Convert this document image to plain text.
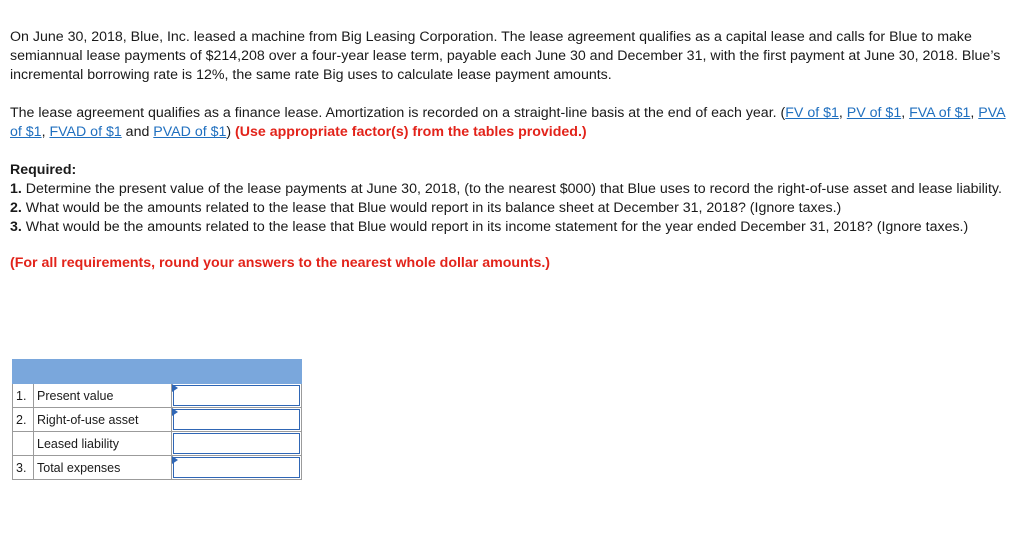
On June 30, 2018, Blue, Inc. leased a machine from Big Leasing Corporation. The lease agreement qualifies as a capital lease and calls for Blue to make semiannual lease payments of $214,208 over a four-year lease term, payable each June 30 and December 31, with the first payment at June 30, 2018. Blue’s incremental borrowing rate is 12%, the same rate Big uses to calculate lease payment amounts.

The lease agreement qualifies as a finance lease. Amortization is recorded on a straight-line basis at the end of each year. (FV of $1, PV of $1, FVA of $1, PVA of $1, FVAD of $1 and PVAD of $1) (Use appropriate factor(s) from the tables provided.)

Required:

1. Determine the present value of the lease payments at June 30, 2018, (to the nearest $000) that Blue uses to record the right-of-use asset and lease liability.

2. What would be the amounts related to the lease that Blue would report in its balance sheet at December 31, 2018? (Ignore taxes.)

3. What would be the amounts related to the lease that Blue would report in its income statement for the year ended December 31, 2018? (Ignore taxes.)

(For all requirements, round your answers to the nearest whole dollar amounts.)

1.	Present value	

2.	Right-of-use asset	

	Leased liability	

3.	Total expenses	
